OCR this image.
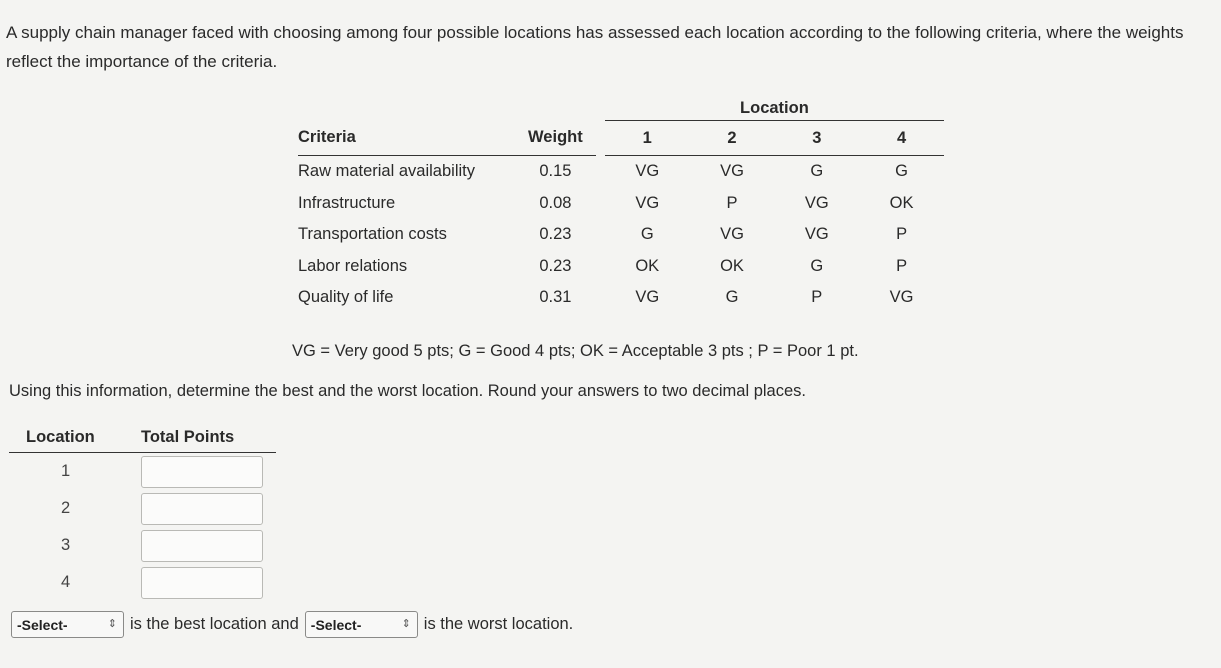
A supply chain manager faced with choosing among four possible locations has assessed each location according to the following criteria, where the weights reflect the importance of the criteria.

			Location			
Criteria	Weight		1	2	3	4
Raw material availability	0.15		VG	VG	G	G
Infrastructure	0.08		VG	P	VG	OK
Transportation costs	0.23		G	VG	VG	P
Labor relations	0.23		OK	OK	G	P
Quality of life	0.31		VG	G	P	VG
VG = Very good 5 pts; G = Good 4 pts; OK = Acceptable 3 pts ; P = Poor 1 pt.
Using this information, determine the best and the worst location. Round your answers to two decimal places.
Location	Total Points
1	

2	

3	

4	
-Select-	⇕ is the best location and -Select-	⇕ is the worst location.
